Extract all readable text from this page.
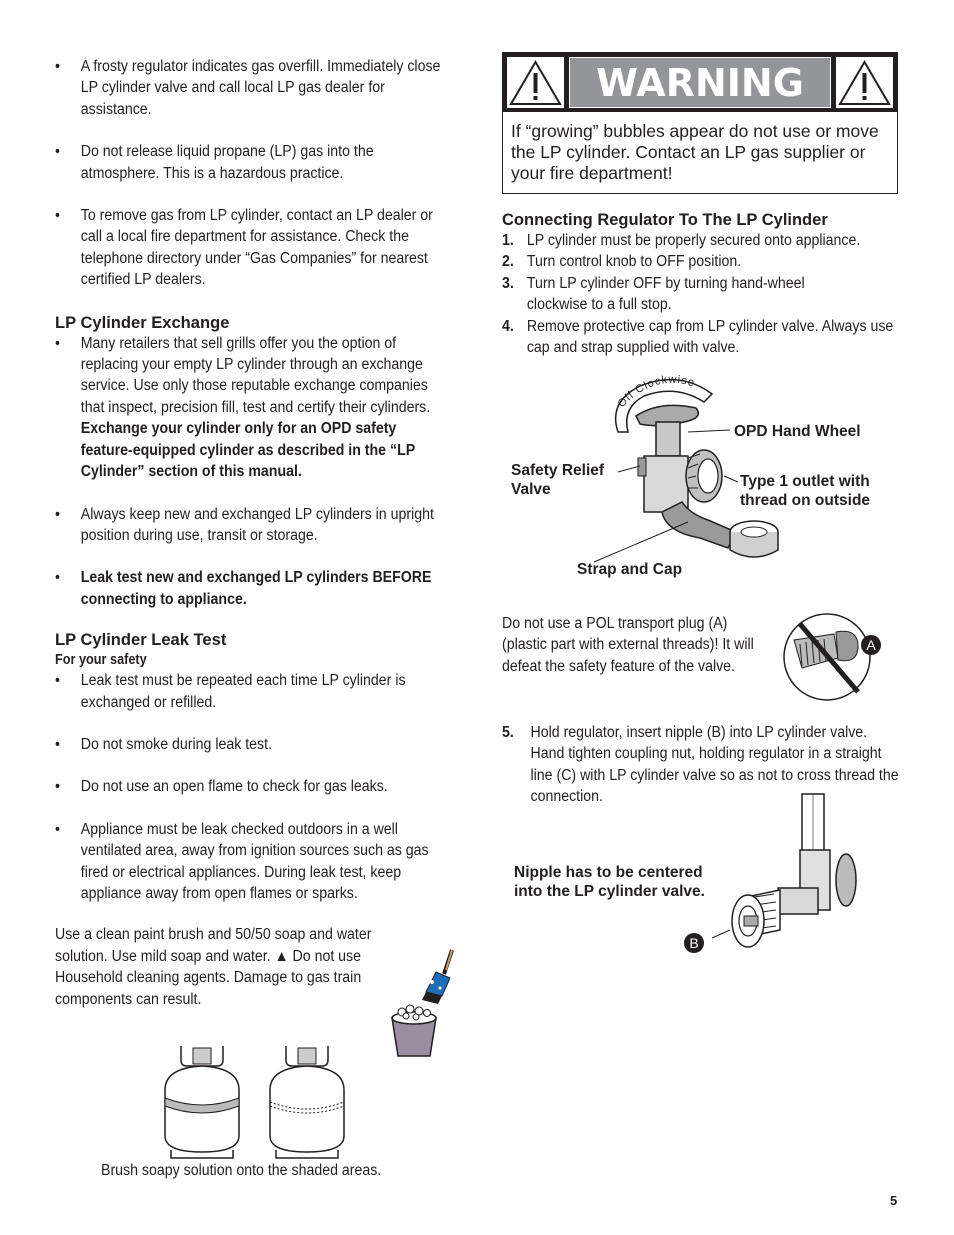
• A frosty regulator indicates gas overfill. Immediately close LP cylinder valve and call local LP gas dealer for assistance.

• Do not release liquid propane (LP) gas into the atmosphere. This is a hazardous practice.

• To remove gas from LP cylinder, contact an LP dealer or call a local fire department for assistance. Check the telephone directory under “Gas Companies” for nearest certified LP dealers.

LP Cylinder Exchange

• Many retailers that sell grills offer you the option of replacing your empty LP cylinder through an exchange service. Use only those reputable exchange companies that inspect, precision fill, test and certify their cylinders. Exchange your cylinder only for an OPD safety feature-equipped cylinder as described in the “LP Cylinder” section of this manual.

• Always keep new and exchanged LP cylinders in upright position during use, transit or storage.

• Leak test new and exchanged LP cylinders BEFORE connecting to appliance.

LP Cylinder Leak Test

For your safety

• Leak test must be repeated each time LP cylinder is exchanged or refilled.

• Do not smoke during leak test.

• Do not use an open flame to check for gas leaks.

• Appliance must be leak checked outdoors in a well ventilated area, away from ignition sources such as gas fired or electrical appliances. During leak test, keep appliance away from open flames or sparks.

Use a clean paint brush and 50/50 soap and water solution. Use mild soap and water. ▲ Do not use Household cleaning agents. Damage to gas train components can result.

Brush soapy solution onto the shaded areas.
WARNING
If “growing” bubbles appear do not use or move the LP cylinder. Contact an LP gas supplier or your fire department!

Connecting Regulator To The LP Cylinder

1. LP cylinder must be properly secured onto appliance.
2. Turn control knob to OFF position.
3. Turn LP cylinder OFF by turning hand-wheel clockwise to a full stop.
4. Remove protective cap from LP cylinder valve. Always use cap and strap supplied with valve.
Off Clockwise
OPD Hand Wheel
Safety Relief
Valve	Type 1 outlet with
thread on outside
Strap and Cap
Do not use a POL transport plug (A) (plastic part with external threads)! It will defeat the safety feature of the valve.
A
5. Hold regulator, insert nipple (B) into LP cylinder valve. Hand tighten coupling nut, holding regulator in a straight line (C) with LP cylinder valve so as not to cross thread the connection.
Nipple has to be centered
into the LP cylinder valve.
B
5
